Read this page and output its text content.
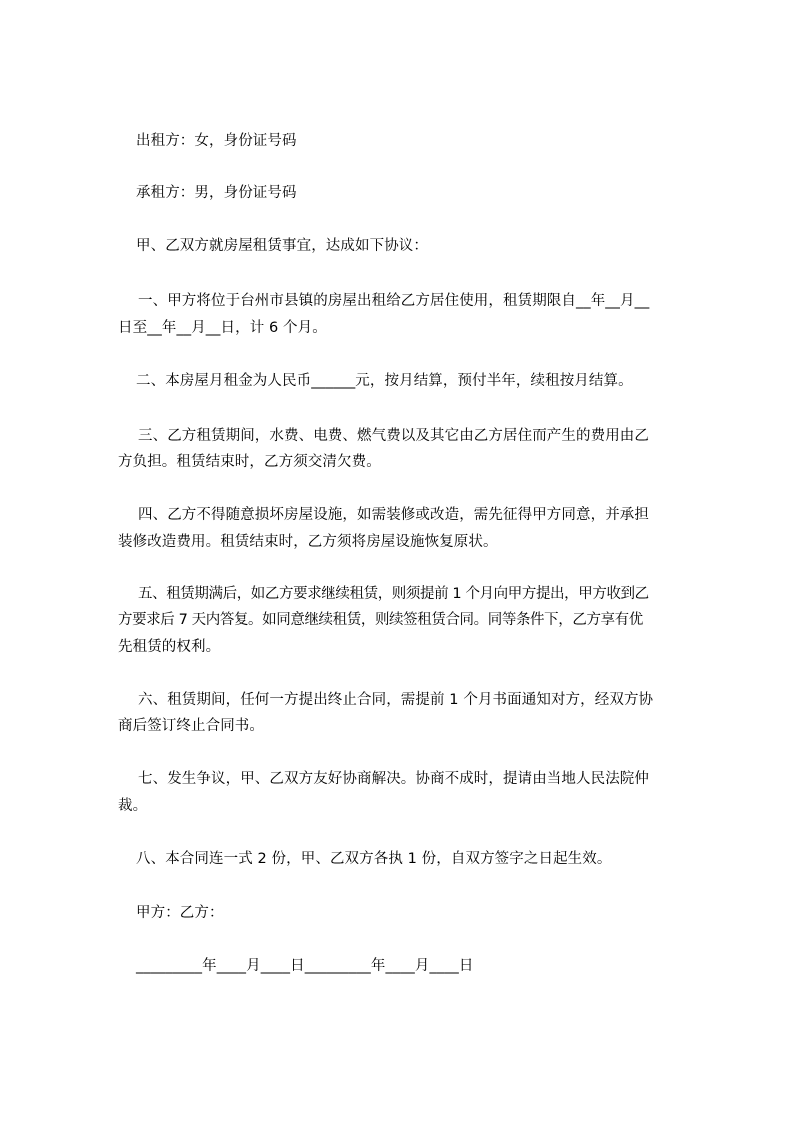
出租方：女，身份证号码
承租方：男，身份证号码
甲、乙双方就房屋租赁事宜，达成如下协议：
一、甲方将位于台州市县镇的房屋出租给乙方居住使用，租赁期限自__年__月__
日至__年__月__日，计 6 个月。
二、本房屋月租金为人民币______元，按月结算，预付半年，续租按月结算。
三、乙方租赁期间，水费、电费、燃气费以及其它由乙方居住而产生的费用由乙
方负担。租赁结束时，乙方须交清欠费。
四、乙方不得随意损坏房屋设施，如需装修或改造，需先征得甲方同意，并承担
装修改造费用。租赁结束时，乙方须将房屋设施恢复原状。
五、租赁期满后，如乙方要求继续租赁，则须提前 1 个月向甲方提出，甲方收到乙
方要求后 7 天内答复。如同意继续租赁，则续签租赁合同。同等条件下，乙方享有优
先租赁的权利。
六、租赁期间，任何一方提出终止合同，需提前 1 个月书面通知对方，经双方协
商后签订终止合同书。
七、发生争议，甲、乙双方友好协商解决。协商不成时，提请由当地人民法院仲
裁。
八、本合同连一式 2 份，甲、乙双方各执 1 份，自双方签字之日起生效。
甲方：乙方：
_________年____月____日_________年____月____日
